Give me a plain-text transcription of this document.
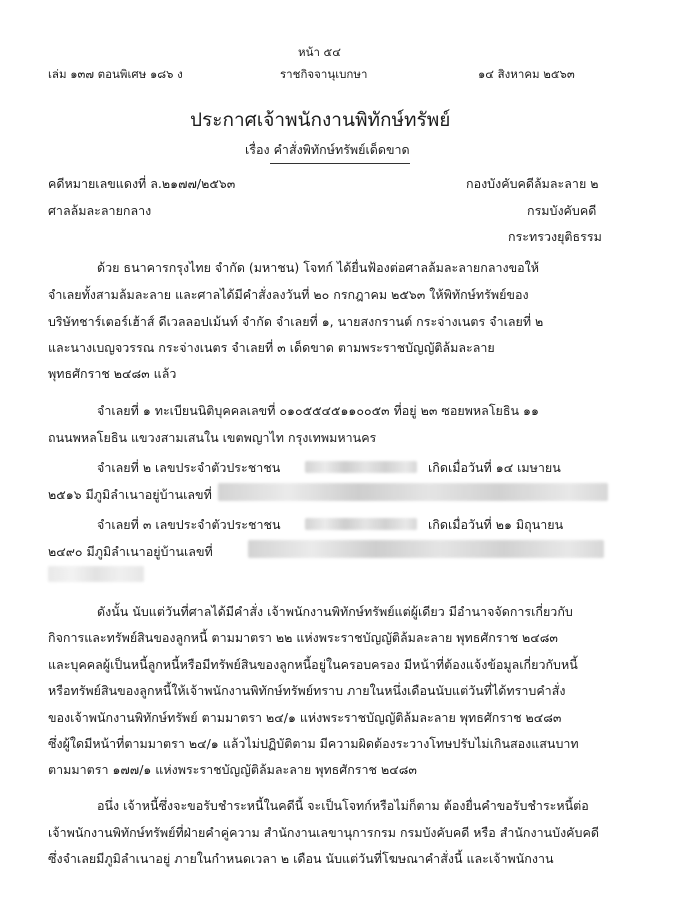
หน้า ๕๔
เล่ม ๑๓๗ ตอนพิเศษ ๑๘๖ ง	ราชกิจจานุเบกษา	๑๔ สิงหาคม ๒๕๖๓
ประกาศเจ้าพนักงานพิทักษ์ทรัพย์
เรื่อง คำสั่งพิทักษ์ทรัพย์เด็ดขาด
คดีหมายเลขแดงที่ ล.๒๑๗๗/๒๕๖๓
ศาลล้มละลายกลาง
กองบังคับคดีล้มละลาย ๒
กรมบังคับคดี
กระทรวงยุติธรรม
ด้วย ธนาคารกรุงไทย จำกัด (มหาชน) โจทก์ ได้ยื่นฟ้องต่อศาลล้มละลายกลางขอให้
จำเลยทั้งสามล้มละลาย และศาลได้มีคำสั่งลงวันที่ ๒๐ กรกฎาคม ๒๕๖๓ ให้พิทักษ์ทรัพย์ของ
บริษัทชาร์เตอร์เฮ้าส์ ดีเวลลอปเม้นท์ จำกัด จำเลยที่ ๑, นายสงกรานต์ กระจ่างเนตร จำเลยที่ ๒
และนางเบญจวรรณ กระจ่างเนตร จำเลยที่ ๓ เด็ดขาด ตามพระราชบัญญัติล้มละลาย
พุทธศักราช ๒๔๘๓ แล้ว
จำเลยที่ ๑ ทะเบียนนิติบุคคลเลขที่ ๐๑๐๕๕๔๕๑๑๐๐๕๓ ที่อยู่ ๒๓ ซอยพหลโยธิน ๑๑
ถนนพหลโยธิน แขวงสามเสนใน เขตพญาไท กรุงเทพมหานคร
จำเลยที่ ๒ เลขประจำตัวประชาชน	เกิดเมื่อวันที่ ๑๔ เมษายน
๒๕๑๖ มีภูมิลำเนาอยู่บ้านเลขที่
จำเลยที่ ๓ เลขประจำตัวประชาชน	เกิดเมื่อวันที่ ๒๑ มิถุนายน
๒๔๙๐ มีภูมิลำเนาอยู่บ้านเลขที่
ดังนั้น นับแต่วันที่ศาลได้มีคำสั่ง เจ้าพนักงานพิทักษ์ทรัพย์แต่ผู้เดียว มีอำนาจจัดการเกี่ยวกับ
กิจการและทรัพย์สินของลูกหนี้ ตามมาตรา ๒๒ แห่งพระราชบัญญัติล้มละลาย พุทธศักราช ๒๔๘๓
และบุคคลผู้เป็นหนี้ลูกหนี้หรือมีทรัพย์สินของลูกหนี้อยู่ในครอบครอง มีหน้าที่ต้องแจ้งข้อมูลเกี่ยวกับหนี้
หรือทรัพย์สินของลูกหนี้ให้เจ้าพนักงานพิทักษ์ทรัพย์ทราบ ภายในหนึ่งเดือนนับแต่วันที่ได้ทราบคำสั่ง
ของเจ้าพนักงานพิทักษ์ทรัพย์ ตามมาตรา ๒๔/๑ แห่งพระราชบัญญัติล้มละลาย พุทธศักราช ๒๔๘๓
ซึ่งผู้ใดมีหน้าที่ตามมาตรา ๒๔/๑ แล้วไม่ปฏิบัติตาม มีความผิดต้องระวางโทษปรับไม่เกินสองแสนบาท
ตามมาตรา ๑๗๗/๑ แห่งพระราชบัญญัติล้มละลาย พุทธศักราช ๒๔๘๓
อนึ่ง เจ้าหนี้ซึ่งจะขอรับชำระหนี้ในคดีนี้ จะเป็นโจทก์หรือไม่ก็ตาม ต้องยื่นคำขอรับชำระหนี้ต่อ
เจ้าพนักงานพิทักษ์ทรัพย์ที่ฝ่ายคำคู่ความ สำนักงานเลขานุการกรม กรมบังคับคดี หรือ สำนักงานบังคับคดี
ซึ่งจำเลยมีภูมิลำเนาอยู่ ภายในกำหนดเวลา ๒ เดือน นับแต่วันที่โฆษณาคำสั่งนี้ และเจ้าพนักงาน
